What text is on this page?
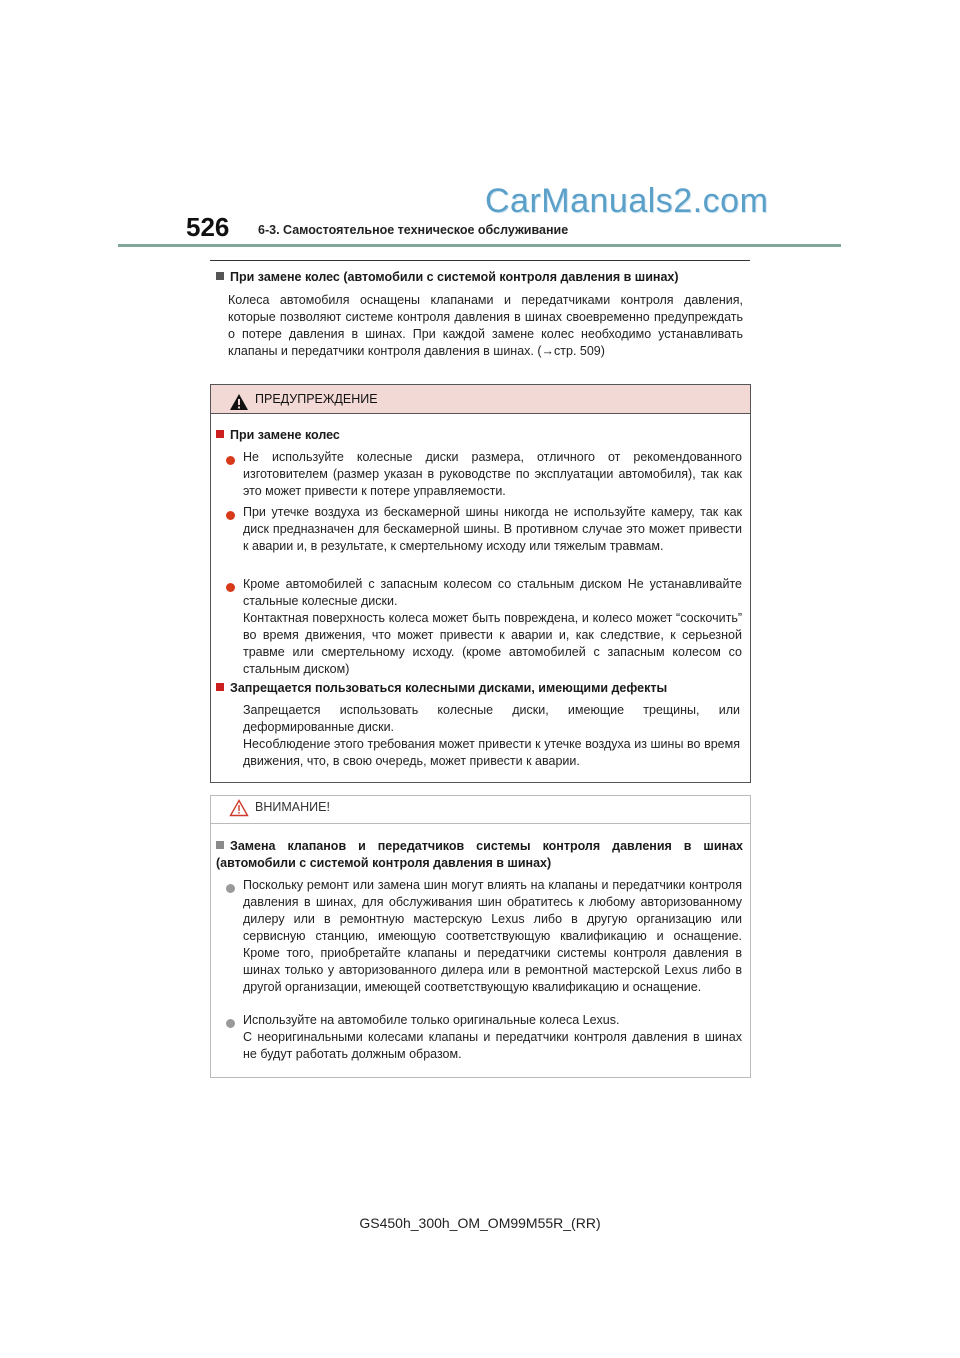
526
CarManuals2.com
6-3. Самостоятельное техническое обслуживание
При замене колес (автомобили с системой контроля давления в шинах)
Колеса автомобиля оснащены клапанами и передатчиками контроля давления, которые позволяют системе контроля давления в шинах своевременно предупреждать о потере давления в шинах. При каждой замене колес необходимо устанавливать клапаны и передатчики контроля давления в шинах. (→стр. 509)
ПРЕДУПРЕЖДЕНИЕ
При замене колес
Не используйте колесные диски размера, отличного от рекомендованного изготовителем (размер указан в руководстве по эксплуатации автомобиля), так как это может привести к потере управляемости.
При утечке воздуха из бескамерной шины никогда не используйте камеру, так как диск предназначен для бескамерной шины. В противном случае это может привести к аварии и, в результате, к смертельному исходу или тяжелым травмам.
Кроме автомобилей с запасным колесом со стальным диском Не устанавливайте стальные колесные диски.
Контактная поверхность колеса может быть повреждена, и колесо может “соскочить” во время движения, что может привести к аварии и, как следствие, к серьезной травме или смертельному исходу. (кроме автомобилей с запасным колесом со стальным диском)
Запрещается пользоваться колесными дисками, имеющими дефекты
Запрещается использовать колесные диски, имеющие трещины, или деформированные диски.
Несоблюдение этого требования может привести к утечке воздуха из шины во время движения, что, в свою очередь, может привести к аварии.
ВНИМАНИЕ!
Замена клапанов и передатчиков системы контроля давления в шинах (автомобили с системой контроля давления в шинах)
Поскольку ремонт или замена шин могут влиять на клапаны и передатчики контроля давления в шинах, для обслуживания шин обратитесь к любому авторизованному дилеру или в ремонтную мастерскую Lexus либо в другую организацию или сервисную станцию, имеющую соответствующую квалификацию и оснащение. Кроме того, приобретайте клапаны и передатчики системы контроля давления в шинах только у авторизованного дилера или в ремонтной мастерской Lexus либо в другой организации, имеющей соответствующую квалификацию и оснащение.
Используйте на автомобиле только оригинальные колеса Lexus.
С неоригинальными колесами клапаны и передатчики контроля давления в шинах не будут работать должным образом.
GS450h_300h_OM_OM99M55R_(RR)
